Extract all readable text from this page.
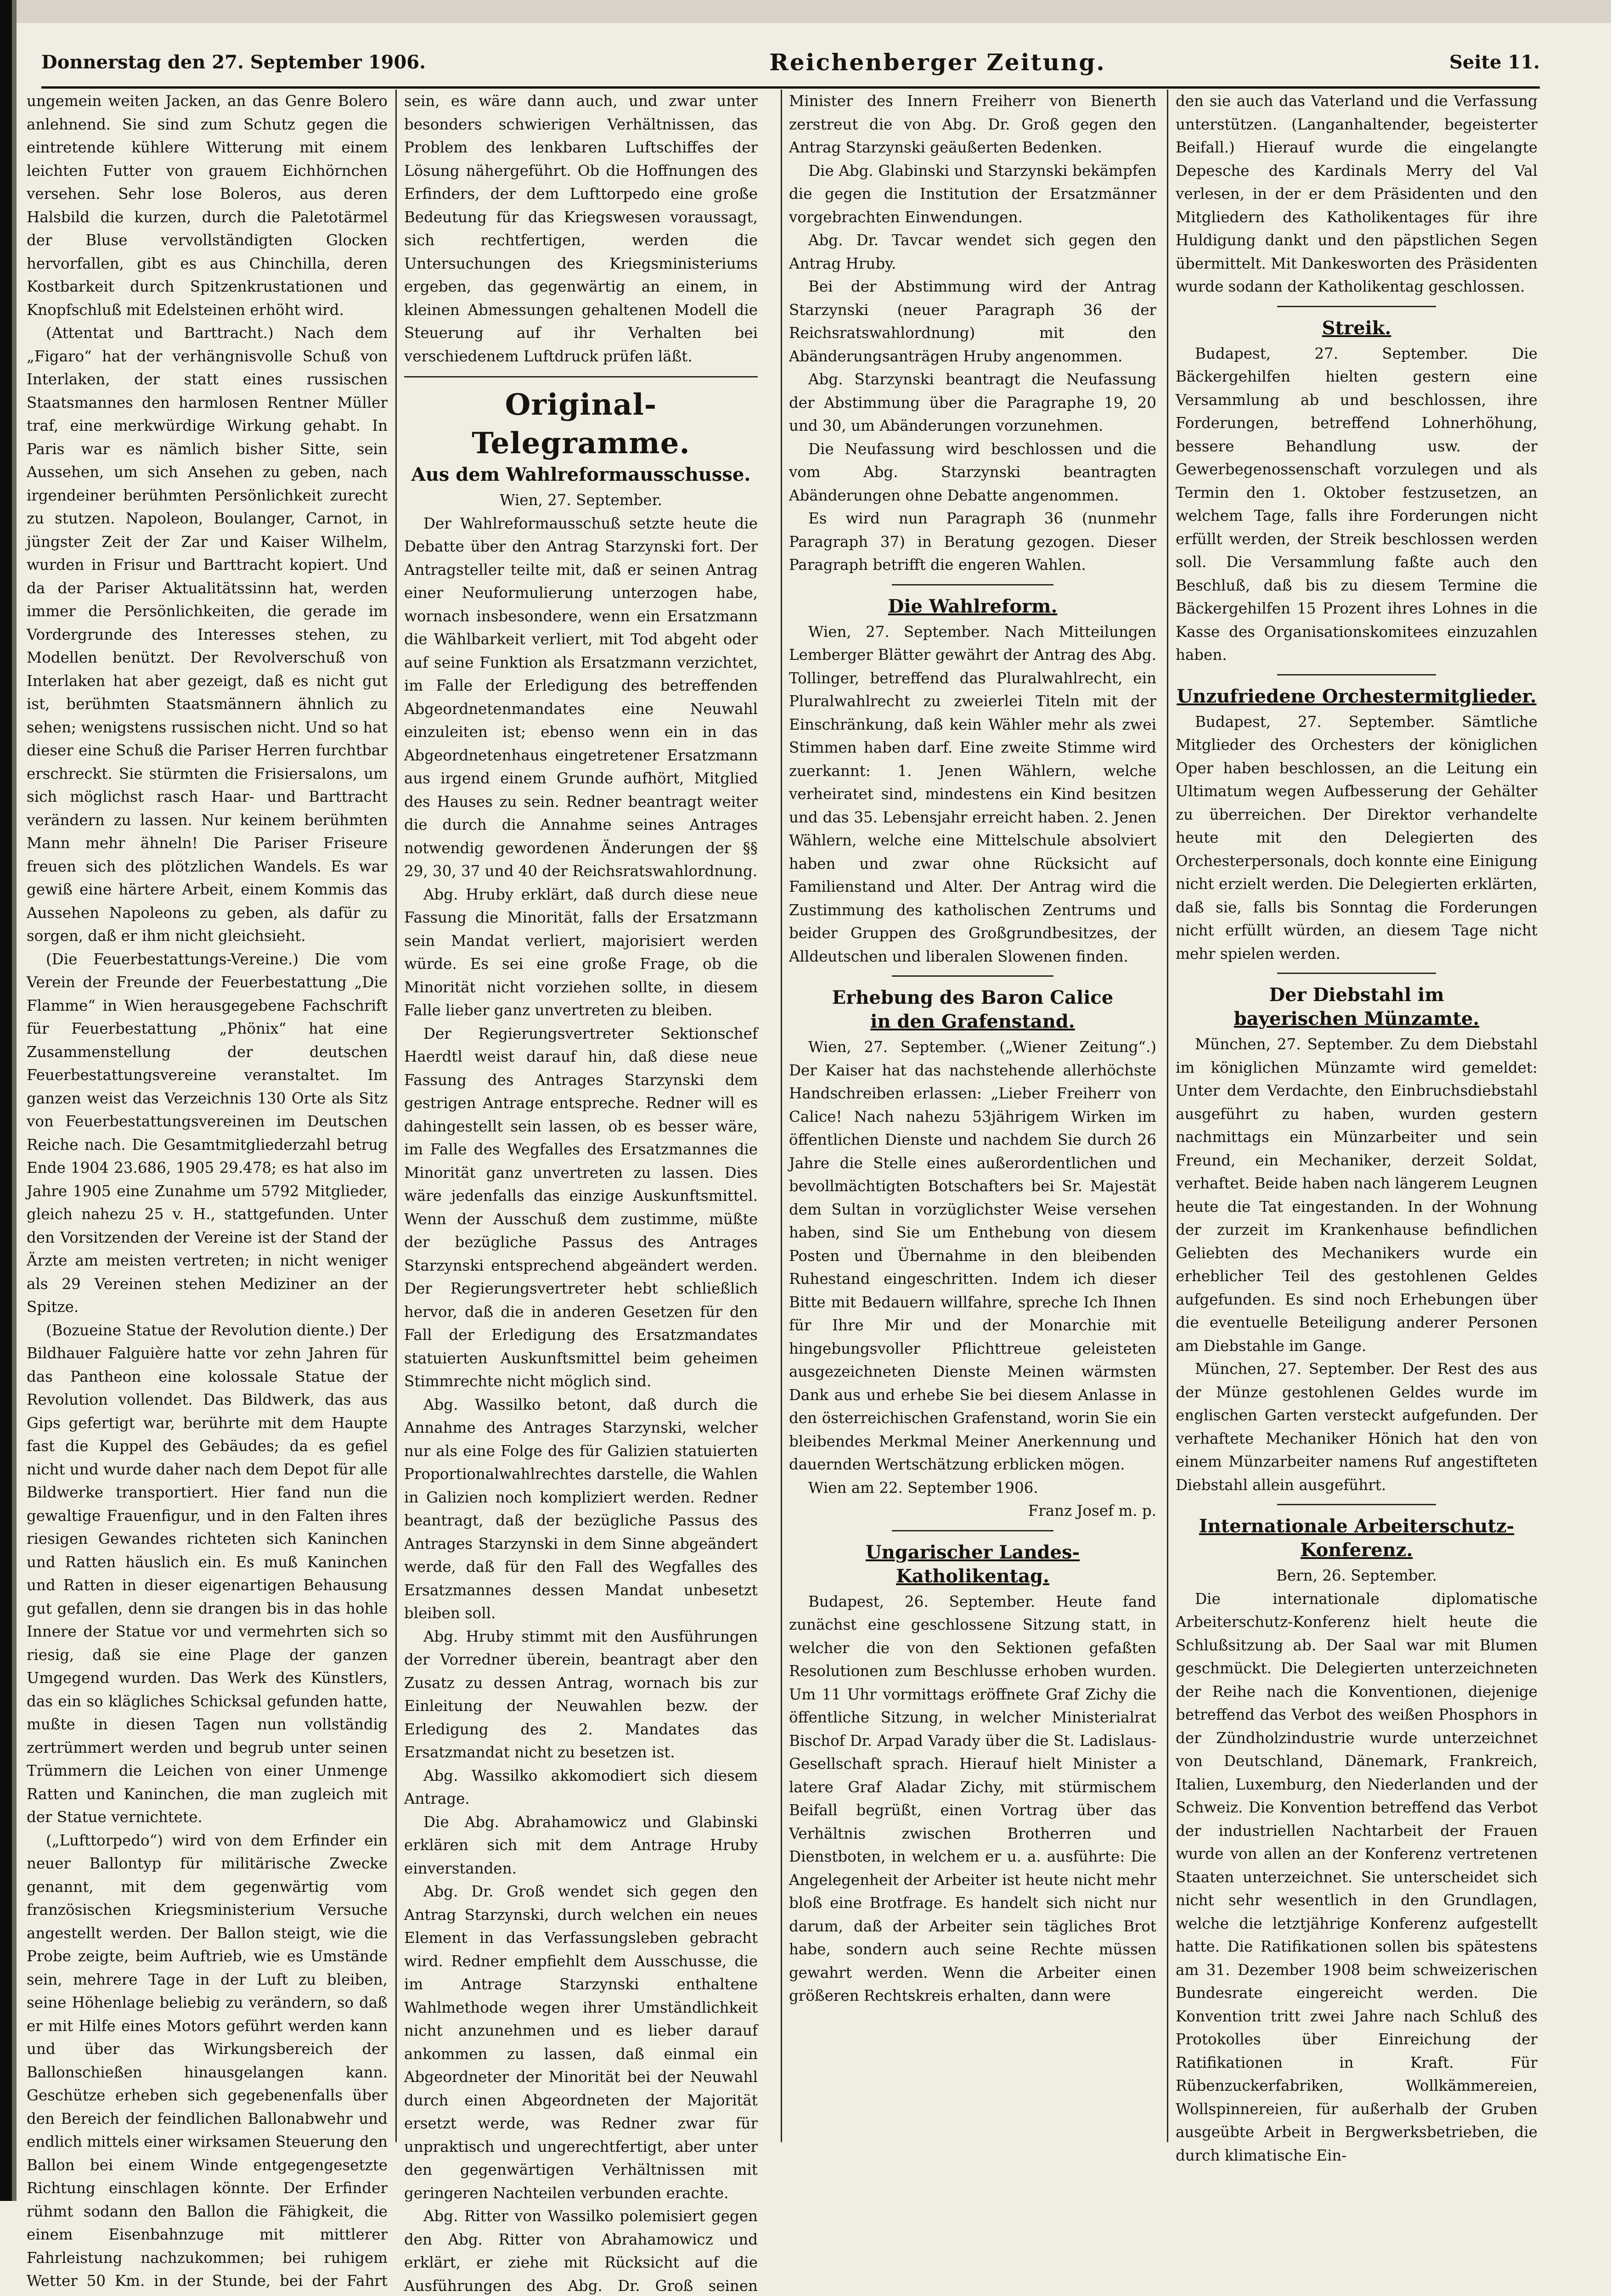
Donnerstag den 27. September 1906.	Reichenberger Zeitung.	Seite 11.

ungemein weiten Jacken, an das Genre Bolero anlehnend. Sie sind zum Schutz gegen die eintretende kühlere Witterung mit einem leichten Futter von grauem Eichhörnchen versehen. Sehr lose Boleros, aus deren Halsbild die kurzen, durch die Paletotärmel der Bluse vervollständigten Glocken hervorfallen, gibt es aus Chinchilla, deren Kostbarkeit durch Spitzenkrustationen und Knopfschluß mit Edelsteinen erhöht wird.

(Attentat und Barttracht.) Nach dem „Figaro“ hat der verhängnisvolle Schuß von Interlaken, der statt eines russischen Staatsmannes den harmlosen Rentner Müller traf, eine merkwürdige Wirkung gehabt. In Paris war es nämlich bisher Sitte, sein Aussehen, um sich Ansehen zu geben, nach irgendeiner berühmten Persönlichkeit zurecht zu stutzen. Napoleon, Boulanger, Carnot, in jüngster Zeit der Zar und Kaiser Wilhelm, wurden in Frisur und Barttracht kopiert. Und da der Pariser Aktualitätssinn hat, werden immer die Persönlichkeiten, die gerade im Vordergrunde des Interesses stehen, zu Modellen benützt. Der Revolverschuß von Interlaken hat aber gezeigt, daß es nicht gut ist, berühmten Staatsmännern ähnlich zu sehen; wenigstens russischen nicht. Und so hat dieser eine Schuß die Pariser Herren furchtbar erschreckt. Sie stürmten die Frisiersalons, um sich möglichst rasch Haar- und Barttracht verändern zu lassen. Nur keinem berühmten Mann mehr ähneln! Die Pariser Friseure freuen sich des plötzlichen Wandels. Es war gewiß eine härtere Arbeit, einem Kommis das Aussehen Napoleons zu geben, als dafür zu sorgen, daß er ihm nicht gleichsieht.

(Die Feuerbestattungs-Vereine.) Die vom Verein der Freunde der Feuerbestattung „Die Flamme“ in Wien herausgegebene Fachschrift für Feuerbestattung „Phönix“ hat eine Zusammenstellung der deutschen Feuerbestattungsvereine veranstaltet. Im ganzen weist das Verzeichnis 130 Orte als Sitz von Feuerbestattungsvereinen im Deutschen Reiche nach. Die Gesamtmitgliederzahl betrug Ende 1904 23.686, 1905 29.478; es hat also im Jahre 1905 eine Zunahme um 5792 Mitglieder, gleich nahezu 25 v. H., stattgefunden. Unter den Vorsitzenden der Vereine ist der Stand der Ärzte am meisten vertreten; in nicht weniger als 29 Vereinen stehen Mediziner an der Spitze.

(Bozueine Statue der Revolution diente.) Der Bildhauer Falguière hatte vor zehn Jahren für das Pantheon eine kolossale Statue der Revolution vollendet. Das Bildwerk, das aus Gips gefertigt war, berührte mit dem Haupte fast die Kuppel des Gebäudes; da es gefiel nicht und wurde daher nach dem Depot für alle Bildwerke transportiert. Hier fand nun die gewaltige Frauenfigur, und in den Falten ihres riesigen Gewandes richteten sich Kaninchen und Ratten häuslich ein. Es muß Kaninchen und Ratten in dieser eigenartigen Behausung gut gefallen, denn sie drangen bis in das hohle Innere der Statue vor und vermehrten sich so riesig, daß sie eine Plage der ganzen Umgegend wurden. Das Werk des Künstlers, das ein so klägliches Schicksal gefunden hatte, mußte in diesen Tagen nun vollständig zertrümmert werden und begrub unter seinen Trümmern die Leichen von einer Unmenge Ratten und Kaninchen, die man zugleich mit der Statue vernichtete.

(„Lufttorpedo“) wird von dem Erfinder ein neuer Ballontyp für militärische Zwecke genannt, mit dem gegenwärtig vom französischen Kriegsministerium Versuche angestellt werden. Der Ballon steigt, wie die Probe zeigte, beim Auftrieb, wie es Umstände sein, mehrere Tage in der Luft zu bleiben, seine Höhenlage beliebig zu verändern, so daß er mit Hilfe eines Motors geführt werden kann und über das Wirkungsbereich der Ballonschießen hinausgelangen kann. Geschütze erheben sich gegebenenfalls über den Bereich der feindlichen Ballonabwehr und endlich mittels einer wirksamen Steuerung den Ballon bei einem Winde entgegengesetzte Richtung einschlagen könnte. Der Erfinder rühmt sodann den Ballon die Fähigkeit, die einem Eisenbahnzuge mit mittlerer Fahrleistung nachzukommen; bei ruhigem Wetter 50 Km. in der Stunde, bei der Fahrt

sein, es wäre dann auch, und zwar unter besonders schwierigen Verhältnissen, das Problem des lenkbaren Luftschiffes der Lösung nähergeführt. Ob die Hoffnungen des Erfinders, der dem Lufttorpedo eine große Bedeutung für das Kriegswesen voraussagt, sich rechtfertigen, werden die Untersuchungen des Kriegsministeriums ergeben, das gegenwärtig an einem, in kleinen Abmessungen gehaltenen Modell die Steuerung auf ihr Verhalten bei verschiedenem Luftdruck prüfen läßt.

Original-Telegramme.
Aus dem Wahlreformausschusse.

Wien, 27. September.

Der Wahlreformausschuß setzte heute die Debatte über den Antrag Starzynski fort. Der Antragsteller teilte mit, daß er seinen Antrag einer Neuformulierung unterzogen habe, wornach insbesondere, wenn ein Ersatzmann die Wählbarkeit verliert, mit Tod abgeht oder auf seine Funktion als Ersatzmann verzichtet, im Falle der Erledigung des betreffenden Abgeordnetenmandates eine Neuwahl einzuleiten ist; ebenso wenn ein in das Abgeordnetenhaus eingetretener Ersatzmann aus irgend einem Grunde aufhört, Mitglied des Hauses zu sein. Redner beantragt weiter die durch die Annahme seines Antrages notwendig gewordenen Änderungen der §§ 29, 30, 37 und 40 der Reichsratswahlordnung.

Abg. Hruby erklärt, daß durch diese neue Fassung die Minorität, falls der Ersatzmann sein Mandat verliert, majorisiert werden würde. Es sei eine große Frage, ob die Minorität nicht vorziehen sollte, in diesem Falle lieber ganz unvertreten zu bleiben.

Der Regierungsvertreter Sektionschef Haerdtl weist darauf hin, daß diese neue Fassung des Antrages Starzynski dem gestrigen Antrage entspreche. Redner will es dahingestellt sein lassen, ob es besser wäre, im Falle des Wegfalles des Ersatzmannes die Minorität ganz unvertreten zu lassen. Dies wäre jedenfalls das einzige Auskunftsmittel. Wenn der Ausschuß dem zustimme, müßte der bezügliche Passus des Antrages Starzynski entsprechend abgeändert werden. Der Regierungsvertreter hebt schließlich hervor, daß die in anderen Gesetzen für den Fall der Erledigung des Ersatzmandates statuierten Auskunftsmittel beim geheimen Stimmrechte nicht möglich sind.

Abg. Wassilko betont, daß durch die Annahme des Antrages Starzynski, welcher nur als eine Folge des für Galizien statuierten Proportionalwahlrechtes darstelle, die Wahlen in Galizien noch kompliziert werden. Redner beantragt, daß der bezügliche Passus des Antrages Starzynski in dem Sinne abgeändert werde, daß für den Fall des Wegfalles des Ersatzmannes dessen Mandat unbesetzt bleiben soll.

Abg. Hruby stimmt mit den Ausführungen der Vorredner überein, beantragt aber den Zusatz zu dessen Antrag, wornach bis zur Einleitung der Neuwahlen bezw. der Erledigung des 2. Mandates das Ersatzmandat nicht zu besetzen ist.

Abg. Wassilko akkomodiert sich diesem Antrage.

Die Abg. Abrahamowicz und Glabinski erklären sich mit dem Antrage Hruby einverstanden.

Abg. Dr. Groß wendet sich gegen den Antrag Starzynski, durch welchen ein neues Element in das Verfassungsleben gebracht wird. Redner empfiehlt dem Ausschusse, die im Antrage Starzynski enthaltene Wahlmethode wegen ihrer Umständlichkeit nicht anzunehmen und es lieber darauf ankommen zu lassen, daß einmal ein Abgeordneter der Minorität bei der Neuwahl durch einen Abgeordneten der Majorität ersetzt werde, was Redner zwar für unpraktisch und ungerechtfertigt, aber unter den gegenwärtigen Verhältnissen mit geringeren Nachteilen verbunden erachte.

Abg. Ritter von Wassilko polemisiert gegen den Abg. Ritter von Abrahamowicz und erklärt, er ziehe mit Rücksicht auf die Ausführungen des Abg. Dr. Groß seinen

Minister des Innern Freiherr von Bienerth zerstreut die von Abg. Dr. Groß gegen den Antrag Starzynski geäußerten Bedenken.

Die Abg. Glabinski und Starzynski bekämpfen die gegen die Institution der Ersatzmänner vorgebrachten Einwendungen.

Abg. Dr. Tavcar wendet sich gegen den Antrag Hruby.

Bei der Abstimmung wird der Antrag Starzynski (neuer Paragraph 36 der Reichsratswahlordnung) mit den Abänderungsanträgen Hruby angenommen.

Abg. Starzynski beantragt die Neufassung der Abstimmung über die Paragraphe 19, 20 und 30, um Abänderungen vorzunehmen.

Die Neufassung wird beschlossen und die vom Abg. Starzynski beantragten Abänderungen ohne Debatte angenommen.

Es wird nun Paragraph 36 (nunmehr Paragraph 37) in Beratung gezogen. Dieser Paragraph betrifft die engeren Wahlen.

Die Wahlreform.

Wien, 27. September. Nach Mitteilungen Lemberger Blätter gewährt der Antrag des Abg. Tollinger, betreffend das Pluralwahlrecht, ein Pluralwahlrecht zu zweierlei Titeln mit der Einschränkung, daß kein Wähler mehr als zwei Stimmen haben darf. Eine zweite Stimme wird zuerkannt: 1. Jenen Wählern, welche verheiratet sind, mindestens ein Kind besitzen und das 35. Lebensjahr erreicht haben. 2. Jenen Wählern, welche eine Mittelschule absolviert haben und zwar ohne Rücksicht auf Familienstand und Alter. Der Antrag wird die Zustimmung des katholischen Zentrums und beider Gruppen des Großgrundbesitzes, der Alldeutschen und liberalen Slowenen finden.

Erhebung des Baron Calice
in den Grafenstand.

Wien, 27. September. („Wiener Zeitung“.) Der Kaiser hat das nachstehende allerhöchste Handschreiben erlassen: „Lieber Freiherr von Calice! Nach nahezu 53jährigem Wirken im öffentlichen Dienste und nachdem Sie durch 26 Jahre die Stelle eines außerordentlichen und bevollmächtigten Botschafters bei Sr. Majestät dem Sultan in vorzüglichster Weise versehen haben, sind Sie um Enthebung von diesem Posten und Übernahme in den bleibenden Ruhestand eingeschritten. Indem ich dieser Bitte mit Bedauern willfahre, spreche Ich Ihnen für Ihre Mir und der Monarchie mit hingebungsvoller Pflichttreue geleisteten ausgezeichneten Dienste Meinen wärmsten Dank aus und erhebe Sie bei diesem Anlasse in den österreichischen Grafenstand, worin Sie ein bleibendes Merkmal Meiner Anerkennung und dauernden Wertschätzung erblicken mögen.

Wien am 22. September 1906.

Franz Josef m. p.

Ungarischer Landes-Katholikentag.

Budapest, 26. September. Heute fand zunächst eine geschlossene Sitzung statt, in welcher die von den Sektionen gefaßten Resolutionen zum Beschlusse erhoben wurden. Um 11 Uhr vormittags eröffnete Graf Zichy die öffentliche Sitzung, in welcher Ministerialrat Bischof Dr. Arpad Varady über die St. Ladislaus-Gesellschaft sprach. Hierauf hielt Minister a latere Graf Aladar Zichy, mit stürmischem Beifall begrüßt, einen Vortrag über das Verhältnis zwischen Brotherren und Dienstboten, in welchem er u. a. ausführte: Die Angelegenheit der Arbeiter ist heute nicht mehr bloß eine Brotfrage. Es handelt sich nicht nur darum, daß der Arbeiter sein tägliches Brot habe, sondern auch seine Rechte müssen gewahrt werden. Wenn die Arbeiter einen größeren Rechtskreis erhalten, dann were

den sie auch das Vaterland und die Verfassung unterstützen. (Langanhaltender, begeisterter Beifall.) Hierauf wurde die eingelangte Depesche des Kardinals Merry del Val verlesen, in der er dem Präsidenten und den Mitgliedern des Katholikentages für ihre Huldigung dankt und den päpstlichen Segen übermittelt. Mit Dankesworten des Präsidenten wurde sodann der Katholikentag geschlossen.

Streik.

Budapest, 27. September. Die Bäckergehilfen hielten gestern eine Versammlung ab und beschlossen, ihre Forderungen, betreffend Lohnerhöhung, bessere Behandlung usw. der Gewerbegenossenschaft vorzulegen und als Termin den 1. Oktober festzusetzen, an welchem Tage, falls ihre Forderungen nicht erfüllt werden, der Streik beschlossen werden soll. Die Versammlung faßte auch den Beschluß, daß bis zu diesem Termine die Bäckergehilfen 15 Prozent ihres Lohnes in die Kasse des Organisationskomitees einzuzahlen haben.

Unzufriedene Orchestermitglieder.

Budapest, 27. September. Sämtliche Mitglieder des Orchesters der königlichen Oper haben beschlossen, an die Leitung ein Ultimatum wegen Aufbesserung der Gehälter zu überreichen. Der Direktor verhandelte heute mit den Delegierten des Orchesterpersonals, doch konnte eine Einigung nicht erzielt werden. Die Delegierten erklärten, daß sie, falls bis Sonntag die Forderungen nicht erfüllt würden, an diesem Tage nicht mehr spielen werden.

Der Diebstahl im
bayerischen Münzamte.

München, 27. September. Zu dem Diebstahl im königlichen Münzamte wird gemeldet: Unter dem Verdachte, den Einbruchsdiebstahl ausgeführt zu haben, wurden gestern nachmittags ein Münzarbeiter und sein Freund, ein Mechaniker, derzeit Soldat, verhaftet. Beide haben nach längerem Leugnen heute die Tat eingestanden. In der Wohnung der zurzeit im Krankenhause befindlichen Geliebten des Mechanikers wurde ein erheblicher Teil des gestohlenen Geldes aufgefunden. Es sind noch Erhebungen über die eventuelle Beteiligung anderer Personen am Diebstahle im Gange.

München, 27. September. Der Rest des aus der Münze gestohlenen Geldes wurde im englischen Garten versteckt aufgefunden. Der verhaftete Mechaniker Hönich hat den von einem Münzarbeiter namens Ruf angestifteten Diebstahl allein ausgeführt.

Internationale Arbeiterschutz-Konferenz.

Bern, 26. September.

Die internationale diplomatische Arbeiterschutz-Konferenz hielt heute die Schlußsitzung ab. Der Saal war mit Blumen geschmückt. Die Delegierten unterzeichneten der Reihe nach die Konventionen, diejenige betreffend das Verbot des weißen Phosphors in der Zündholzindustrie wurde unterzeichnet von Deutschland, Dänemark, Frankreich, Italien, Luxemburg, den Niederlanden und der Schweiz. Die Konvention betreffend das Verbot der industriellen Nachtarbeit der Frauen wurde von allen an der Konferenz vertretenen Staaten unterzeichnet. Sie unterscheidet sich nicht sehr wesentlich in den Grundlagen, welche die letztjährige Konferenz aufgestellt hatte. Die Ratifikationen sollen bis spätestens am 31. Dezember 1908 beim schweizerischen Bundesrate eingereicht werden. Die Konvention tritt zwei Jahre nach Schluß des Protokolles über Einreichung der Ratifikationen in Kraft. Für Rübenzuckerfabriken, Wollkämmereien, Wollspinnereien, für außerhalb der Gruben ausgeübte Arbeit in Bergwerksbetrieben, die durch klimatische Ein-
